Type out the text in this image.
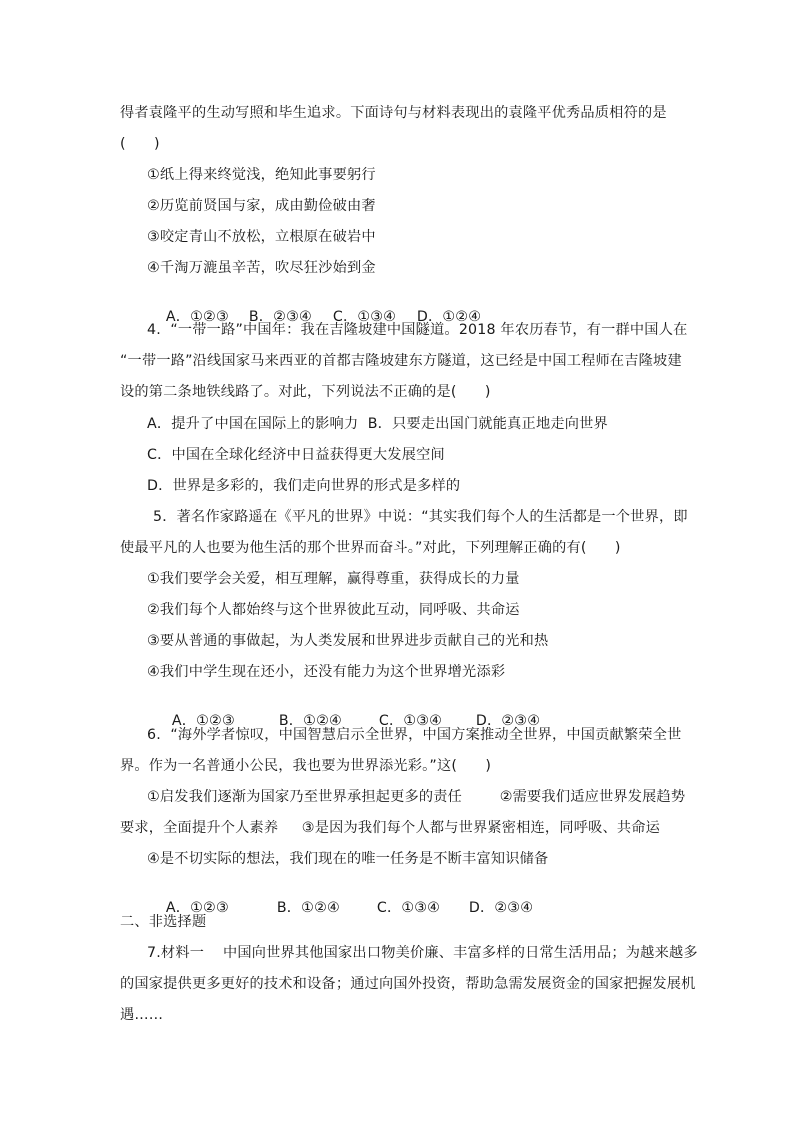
得者袁隆平的生动写照和毕生追求。下面诗句与材料表现出的袁隆平优秀品质相符的是
(      )
①纸上得来终觉浅，绝知此事要躬行
②历览前贤国与家，成由勤俭破由奢
③咬定青山不放松，立根原在破岩中
④千淘万漉虽辛苦，吹尽狂沙始到金

A．①②③ B．②③④ C．①③④ D．①②④

4.  “一带一路”中国年：我在吉隆坡建中国隧道。2018 年农历春节，有一群中国人在
“一带一路”沿线国家马来西亚的首都吉隆坡建东方隧道，这已经是中国工程师在吉隆坡建
设的第二条地铁线路了。对此，下列说法不正确的是(      )
A．提升了中国在国际上的影响力  B．只要走出国门就能真正地走向世界
C．中国在全球化经济中日益获得更大发展空间
D．世界是多彩的，我们走向世界的形式是多样的
5．著名作家路遥在《平凡的世界》中说：“其实我们每个人的生活都是一个世界，即
使最平凡的人也要为他生活的那个世界而奋斗。”对此，下列理解正确的有(      )
①我们要学会关爱，相互理解，赢得尊重，获得成长的力量
②我们每个人都始终与这个世界彼此互动，同呼吸、共命运
③要从普通的事做起，为人类发展和世界进步贡献自己的光和热
④我们中学生现在还小，还没有能力为这个世界增光添彩

A．①②③	B．①②④	C．①③④ D．②③④

6.  “海外学者惊叹，中国智慧启示全世界，中国方案推动全世界，中国贡献繁荣全世
界。作为一名普通小公民，我也要为世界添光彩。”这(      )
①启发我们逐渐为国家乃至世界承担起更多的责任        ②需要我们适应世界发展趋势
要求，全面提升个人素养     ③是因为我们每个人都与世界紧密相连，同呼吸、共命运
④是不切实际的想法，我们现在的唯一任务是不断丰富知识储备

A．①②③	B．①②④	C．①③④ D．②③④

二、非选择题
7.材料一    中国向世界其他国家出口物美价廉、丰富多样的日常生活用品；为越来越多
的国家提供更多更好的技术和设备；通过向国外投资，帮助急需发展资金的国家把握发展机
遇……
